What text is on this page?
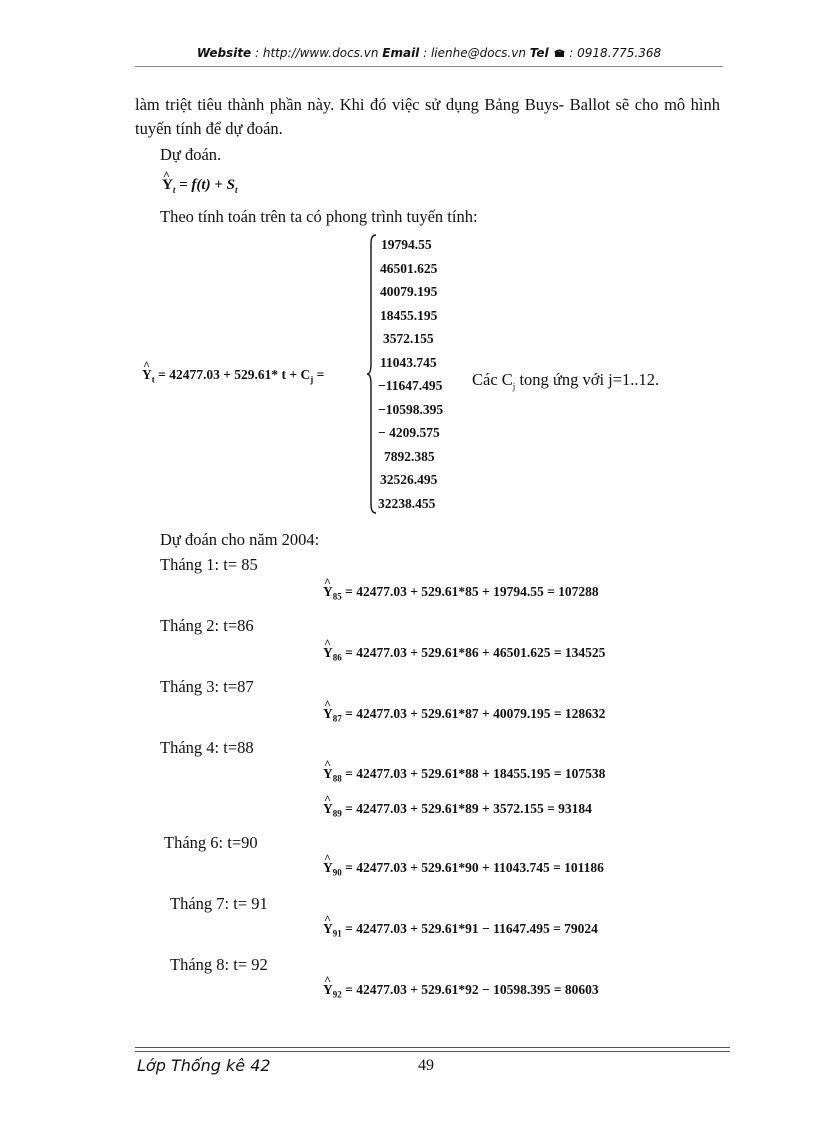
Website : http://www.docs.vn Email : lienhe@docs.vn Tel  : 0918.775.368
làm triệt tiêu thành phần này. Khi đó việc sử dụng Bảng Buys- Ballot sẽ cho mô hình tuyến tính để dự đoán.
Dự đoán.
^ $Y_t = f(t) + S_t$
Theo tính toán trên ta có phong trình tuyến tính:
^ $Y_t = 42477.03 + 529.61*$ $t + C_j$ =
19794.55
46501.625
40079.195
18455.195
3572.155
11043.745
−11647.495
−10598.395
− 4209.575
7892.385
32526.495
32238.455
Các $C_j$ tong ứng với j=1..12.
Dự đoán cho năm 2004:
Tháng 1: t= 85
^ $Y_{85} = 42477.03 + 529.61*85 + 19794.55 = 107288$
Tháng 2: t=86
^ $Y_{86} = 42477.03 + 529.61*86 + 46501.625 = 134525$
Tháng 3: t=87
^ $Y_{87} = 42477.03 + 529.61*87 + 40079.195 = 128632$
Tháng 4: t=88
^ $Y_{88} = 42477.03 + 529.61*88 + 18455.195 = 107538$
^ $Y_{89} = 42477.03 + 529.61*89 + 3572.155 = 93184$
Tháng 6: t=90
^ $Y_{90} = 42477.03 + 529.61*90 + 11043.745 = 101186$
Tháng 7: t= 91
^ $Y_{91} = 42477.03 + 529.61*91 - 11647.495 = 79024$
Tháng 8: t= 92
^ $Y_{92} = 42477.03 + 529.61*92 - 10598.395 = 80603$
Lớp Thống kê 42	49
